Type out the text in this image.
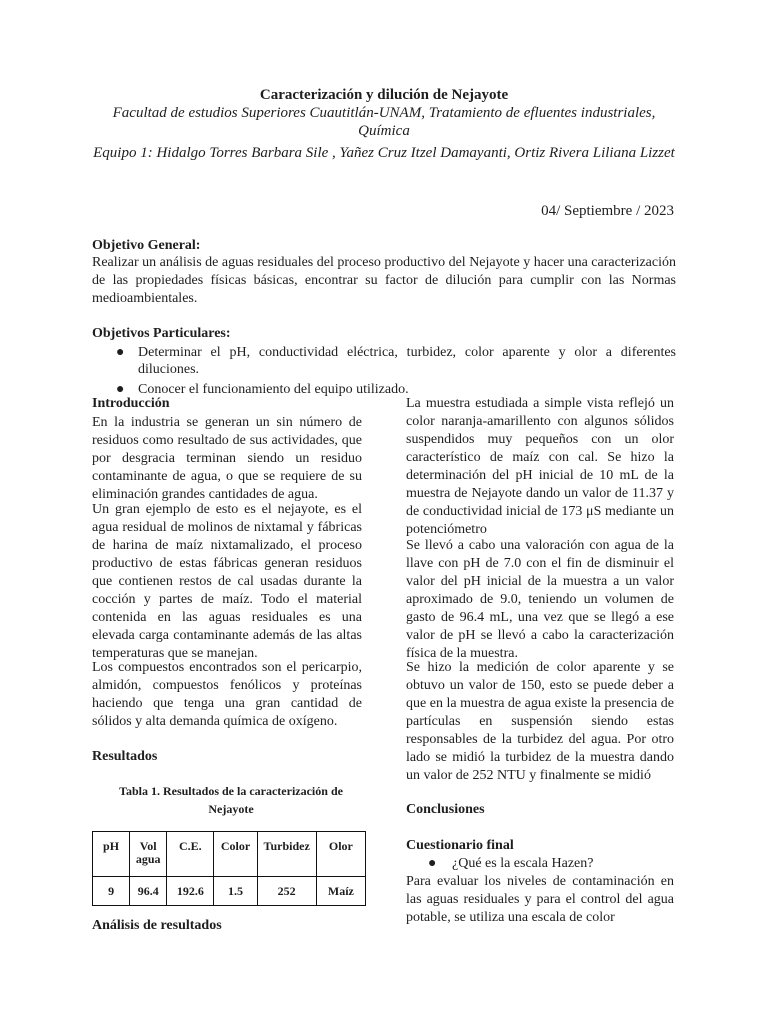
Caracterización y dilución de Nejayote
Facultad de estudios Superiores Cuautitlán-UNAM, Tratamiento de efluentes industriales, Química
Equipo 1: Hidalgo Torres Barbara Sile , Yañez Cruz Itzel Damayanti, Ortiz Rivera Liliana Lizzet
04/ Septiembre / 2023
Objetivo General:
Realizar un análisis de aguas residuales del proceso productivo del Nejayote y hacer una caracterización de las propiedades físicas básicas, encontrar su factor de dilución para cumplir con las Normas medioambientales.
Objetivos Particulares:
● Determinar el pH, conductividad eléctrica, turbidez, color aparente y olor a diferentes diluciones.
● Conocer el funcionamiento del equipo utilizado.
Introducción
En la industria se generan un sin número de residuos como resultado de sus actividades, que por desgracia terminan siendo un residuo contaminante de agua, o que se requiere de su eliminación grandes cantidades de agua.
Un gran ejemplo de esto es el nejayote, es el agua residual de molinos de nixtamal y fábricas de harina de maíz nixtamalizado, el proceso productivo de estas fábricas generan residuos que contienen restos de cal usadas durante la cocción y partes de maíz. Todo el material contenida en las aguas residuales es una elevada carga contaminante además de las altas temperaturas que se manejan.
Los compuestos encontrados son el pericarpio, almidón, compuestos fenólicos y proteínas haciendo que tenga una gran cantidad de sólidos y alta demanda química de oxígeno.
Resultados
Tabla 1. Resultados de la caracterización de Nejayote
pH	Vol agua	C.E.	Color	Turbidez	Olor
9	96.4	192.6	1.5	252	Maíz
Análisis de resultados
La muestra estudiada a simple vista reflejó un color naranja-amarillento con algunos sólidos suspendidos muy pequeños con un olor característico de maíz con cal. Se hizo la determinación del pH inicial de 10 mL de la muestra de Nejayote dando un valor de 11.37 y de conductividad inicial de 173 μS mediante un potenciómetro
Se llevó a cabo una valoración con agua de la llave con pH de 7.0 con el fin de disminuir el valor del pH inicial de la muestra a un valor aproximado de 9.0, teniendo un volumen de gasto de 96.4 mL, una vez que se llegó a ese valor de pH se llevó a cabo la caracterización física de la muestra.
Se hizo la medición de color aparente y se obtuvo un valor de 150, esto se puede deber a que en la muestra de agua existe la presencia de partículas en suspensión siendo estas responsables de la turbidez del agua. Por otro lado se midió la turbidez de la muestra dando un valor de 252 NTU y finalmente se midió
Conclusiones
Cuestionario final
● ¿Qué es la escala Hazen?
Para evaluar los niveles de contaminación en las aguas residuales y para el control del agua potable, se utiliza una escala de color
